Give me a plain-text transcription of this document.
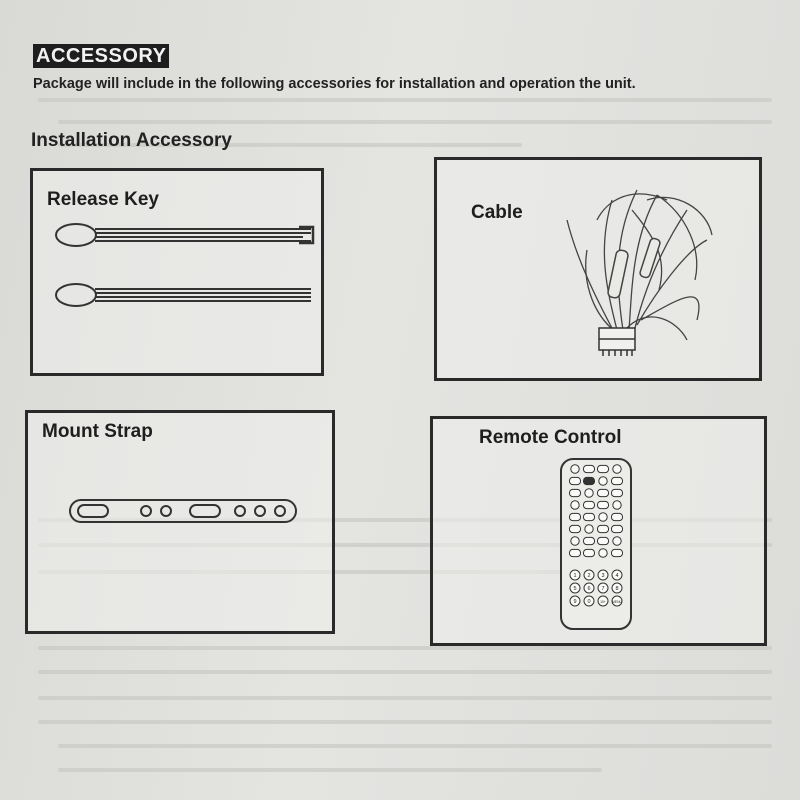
ACCESSORY
Package will include in the following accessories for installation and operation the unit.
Installation Accessory
Release Key
Cable
Mount Strap	Remote Control
1 2 3 4
5 6 7 8
9 0	10+ MENU
